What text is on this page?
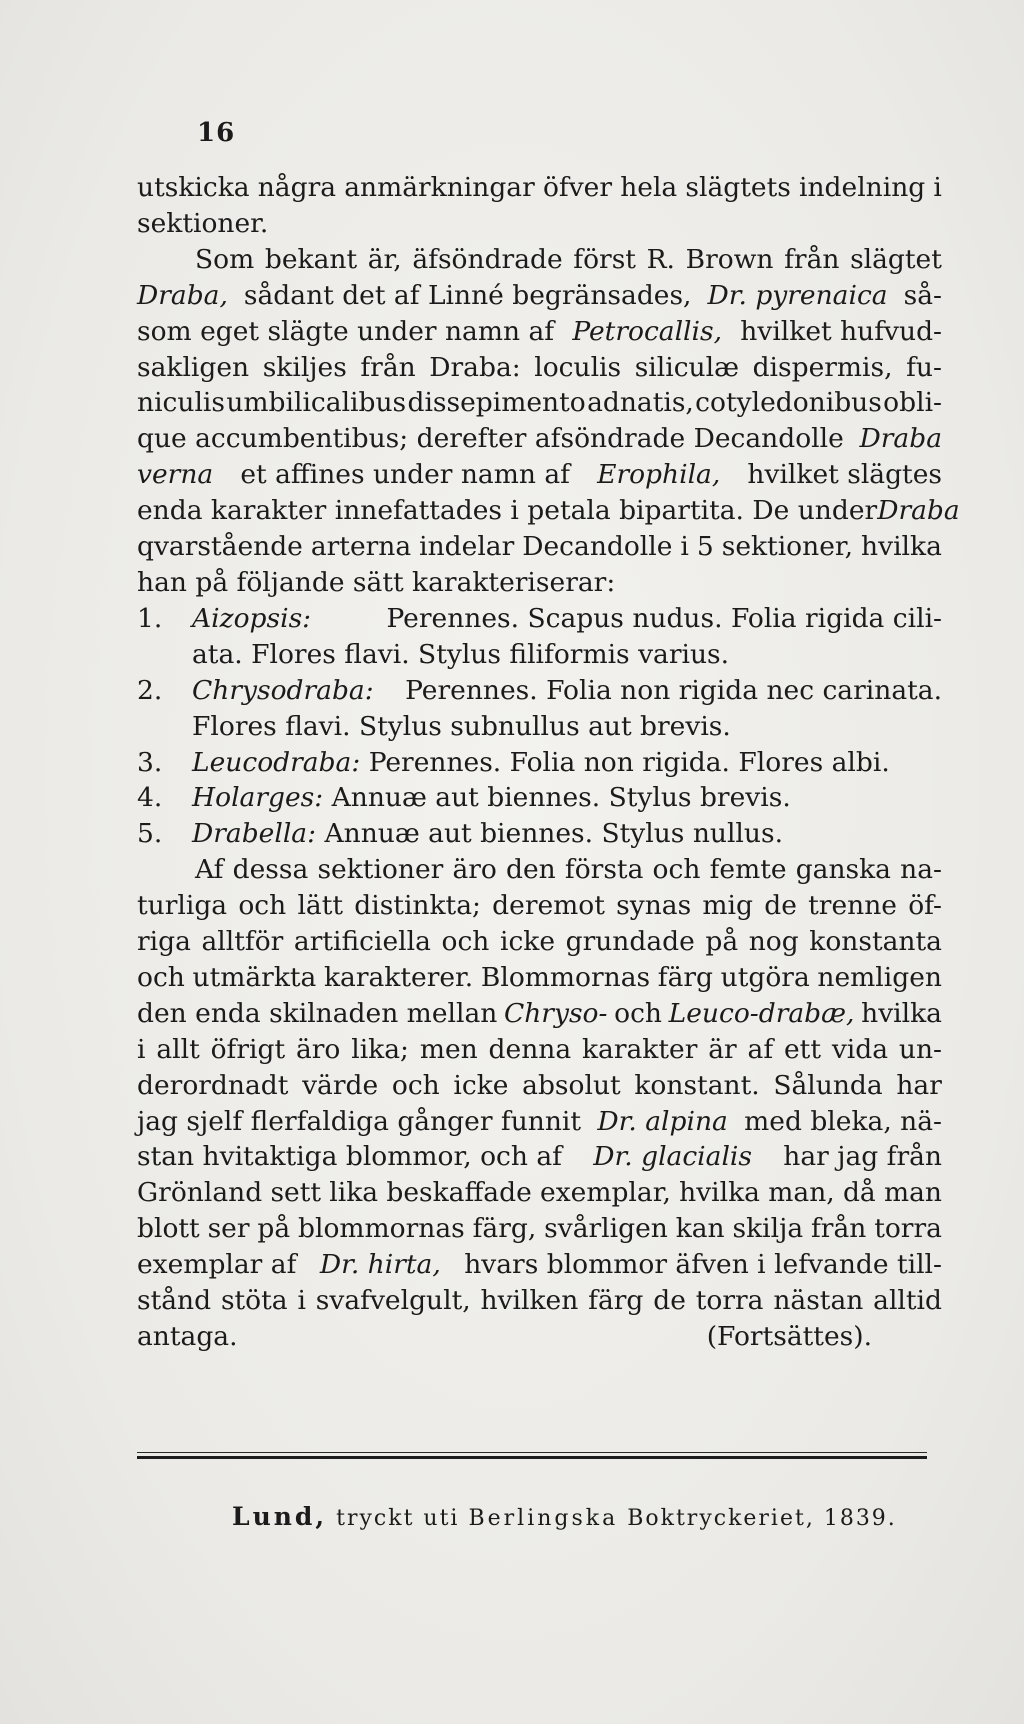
16
utskicka några anmärkningar öfver hela slägtets indelning i
sektioner.
Som bekant är, äfsöndrade först R. Brown från slägtet
Draba, sådant det af Linné begränsades, Dr. pyrenaica så-
som eget slägte under namn af Petrocallis, hvilket hufvud-
sakligen skiljes från Draba: loculis siliculæ dispermis, fu-
niculis umbilicalibus dissepimento adnatis, cotyledonibus obli-
que accumbentibus; derefter afsöndrade Decandolle Draba
verna et affines under namn af Erophila, hvilket slägtes
enda karakter innefattades i petala bipartita. De under Draba
qvarstående arterna indelar Decandolle i 5 sektioner, hvilka
han på följande sätt karakteriserar:
1. Aizopsis:	Perennes. Scapus nudus. Folia rigida cili-
ata. Flores flavi. Stylus filiformis varius.
2. Chrysodraba: Perennes. Folia non rigida nec carinata.
Flores flavi. Stylus subnullus aut brevis.
3.	Leucodraba:
Perennes. Folia non rigida. Flores albi.
4.	Holarges:
Annuæ aut biennes. Stylus brevis.
5.	Drabella:
Annuæ aut biennes. Stylus nullus.
Af dessa sektioner äro den första och femte ganska na-
turliga och lätt distinkta; deremot synas mig de trenne öf-
riga alltför artificiella och icke grundade på nog konstanta
och utmärkta karakterer. Blommornas färg utgöra nemligen
den enda skilnaden mellan Chryso- och Leuco-drabæ, hvilka
i allt öfrigt äro lika; men denna karakter är af ett vida un-
derordnadt värde och icke absolut konstant. Sålunda har
jag sjelf flerfaldiga gånger funnit Dr. alpina med bleka, nä-
stan hvitaktiga blommor, och af Dr. glacialis har jag från
Grönland sett lika beskaffade exemplar, hvilka man, då man
blott ser på blommornas färg, svårligen kan skilja från torra
exemplar af Dr. hirta, hvars blommor äfven i lefvande till-
stånd stöta i svafvelgult, hvilken färg de torra nästan alltid
antaga.	(Fortsättes).
Lund, tryckt uti Berlingska Boktryckeriet, 1839.
